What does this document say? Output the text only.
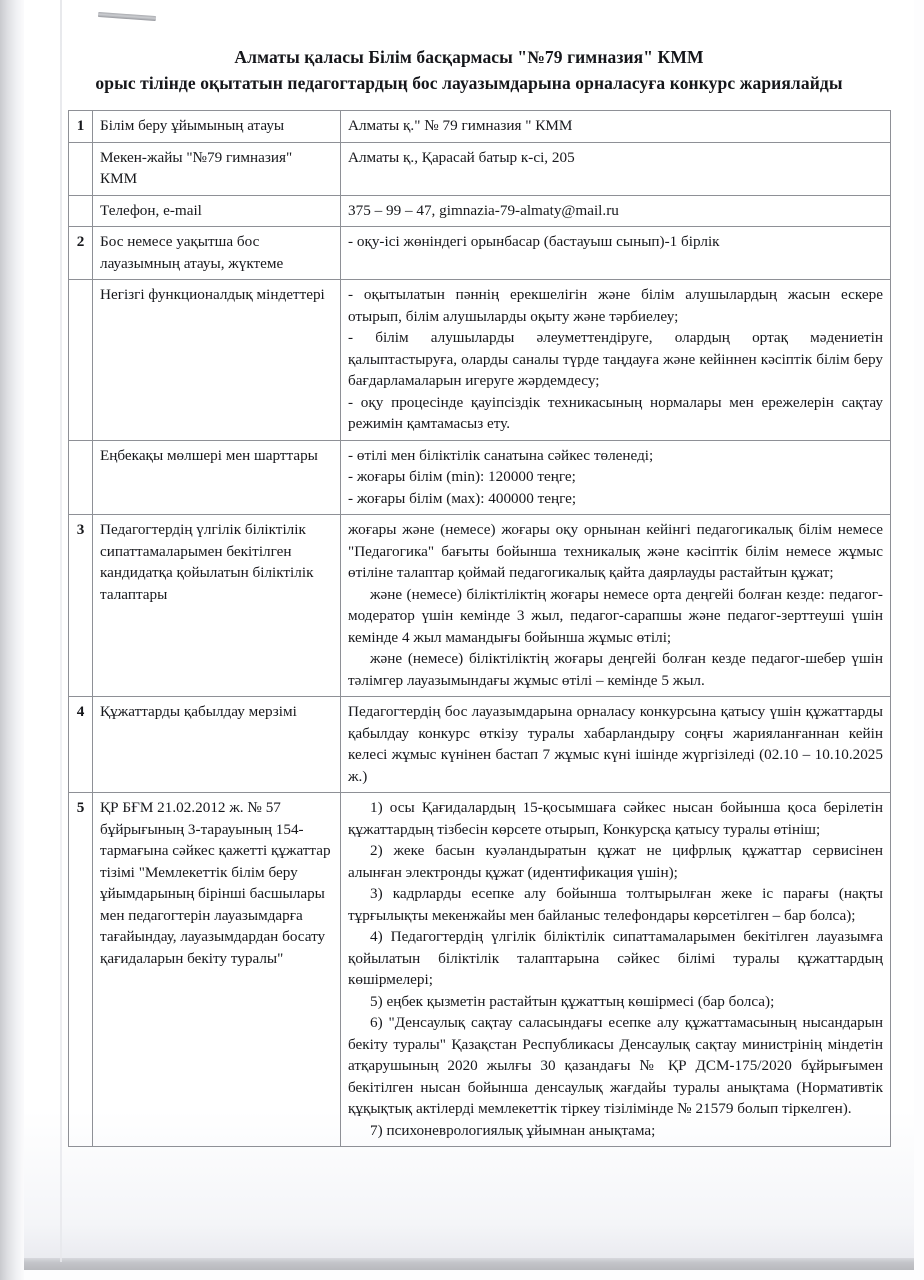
Алматы қаласы Білім басқармасы "№79 гимназия" КММ
орыс тілінде оқытатын педагогтардың бос лауазымдарына орналасуға конкурс жариялайды
1	Білім беру ұйымының атауы	Алматы қ." № 79 гимназия " КММ
	Мекен-жайы "№79 гимназия" КММ	Алматы қ., Қарасай батыр к-сі, 205
	Телефон, e-mail	375 – 99 – 47, gimnazia-79-almaty@mail.ru
2	Бос немесе уақытша бос лауазымның атауы, жүктеме	- оқу-ісі жөніндегі орынбасар (бастауыш сынып)-1 бірлік
	Негізгі функционалдық міндеттері	- оқытылатын пәннің ерекшелігін және білім алушылардың жасын ескере отырып, білім алушыларды оқыту және тәрбиелеу;

- білім алушыларды әлеуметтендіруге, олардың ортақ мәдениетін қалыптастыруға, оларды саналы түрде таңдауға және кейіннен кәсіптік білім беру бағдарламаларын игеруге жәрдемдесу;

- оқу процесінде қауіпсіздік техникасының нормалары мен ережелерін сақтау режимін қамтамасыз ету.

	Еңбекақы мөлшері мен шарттары	- өтілі мен біліктілік санатына сәйкес төленеді;

- жоғары білім (min): 120000 теңге;

- жоғары білім (мах): 400000 теңге;

3	Педагогтердің үлгілік біліктілік сипаттамаларымен бекітілген кандидатқа қойылатын біліктілік талаптары	жоғары және (немесе) жоғары оқу орнынан кейінгі педагогикалық білім немесе "Педагогика" бағыты бойынша техникалық және кәсіптік білім немесе жұмыс өтіліне талаптар қоймай педагогикалық қайта даярлауды растайтын құжат;

және (немесе) біліктіліктің жоғары немесе орта деңгейі болған кезде: педагог-модератор үшін кемінде 3 жыл, педагог-сарапшы және педагог-зерттеуші үшін кемінде 4 жыл мамандығы бойынша жұмыс өтілі;

және (немесе) біліктіліктің жоғары деңгейі болған кезде педагог-шебер үшін тәлімгер лауазымындағы жұмыс өтілі – кемінде 5 жыл.

4	Құжаттарды қабылдау мерзімі	Педагогтердің бос лауазымдарына орналасу конкурсына қатысу үшін құжаттарды қабылдау конкурс өткізу туралы хабарландыру соңғы жарияланғаннан кейін келесі жұмыс күнінен бастап 7 жұмыс күні ішінде жүргізіледі (02.10 – 10.10.2025 ж.)
5	ҚР БҒМ 21.02.2012 ж. № 57 бұйрығының 3-тарауының 154-тармағына сәйкес қажетті құжаттар тізімі "Мемлекеттік білім беру ұйымдарының бірінші басшылары мен педагогтерін лауазымдарға тағайындау, лауазымдардан босату қағидаларын бекіту туралы"	

1) осы Қағидалардың 15-қосымшаға сәйкес нысан бойынша қоса берілетін құжаттардың тізбесін көрсете отырып, Конкурсқа қатысу туралы өтініш;

2) жеке басын куәландыратын құжат не цифрлық құжаттар сервисінен алынған электронды құжат (идентификация үшін);

3) кадрларды есепке алу бойынша толтырылған жеке іс парағы (нақты тұрғылықты мекенжайы мен байланыс телефондары көрсетілген – бар болса);

4) Педагогтердің үлгілік біліктілік сипаттамаларымен бекітілген лауазымға қойылатын біліктілік талаптарына сәйкес білімі туралы құжаттардың көшірмелері;

5) еңбек қызметін растайтын құжаттың көшірмесі (бар болса);

6) "Денсаулық сақтау саласындағы есепке алу құжаттамасының нысандарын бекіту туралы" Қазақстан Республикасы Денсаулық сақтау министрінің міндетін атқарушының 2020 жылғы 30 қазандағы № ҚР ДСМ-175/2020 бұйрығымен бекітілген нысан бойынша денсаулық жағдайы туралы анықтама (Нормативтік құқықтық актілерді мемлекеттік тіркеу тізілімінде № 21579 болып тіркелген).

7) психоневрологиялық ұйымнан анықтама;
